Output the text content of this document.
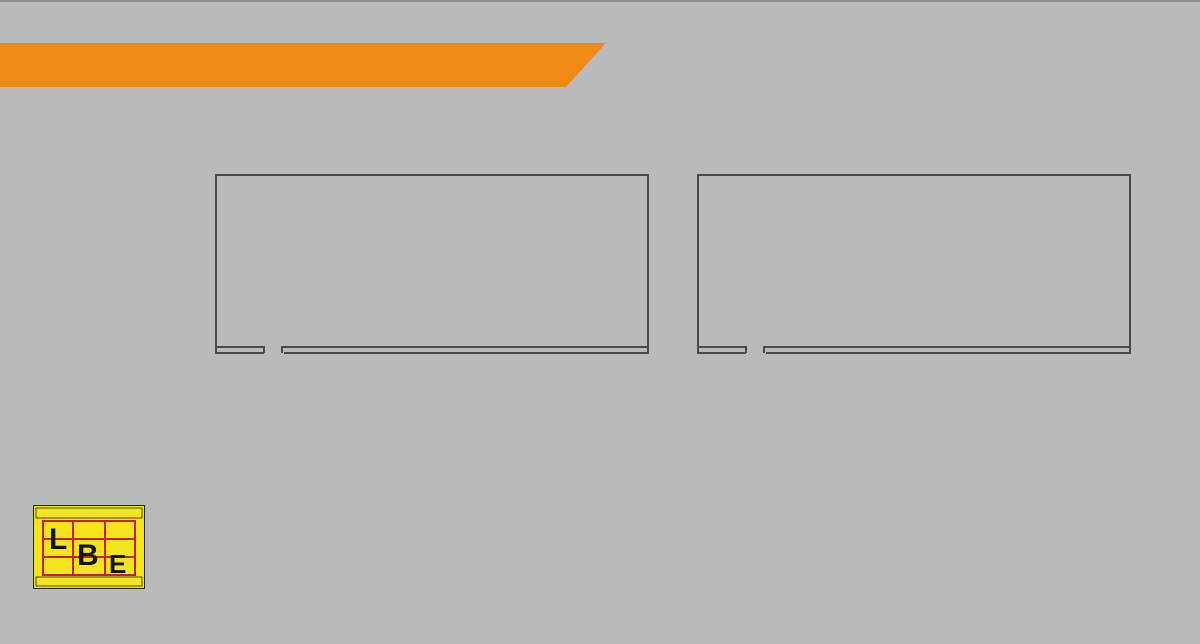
L B E
